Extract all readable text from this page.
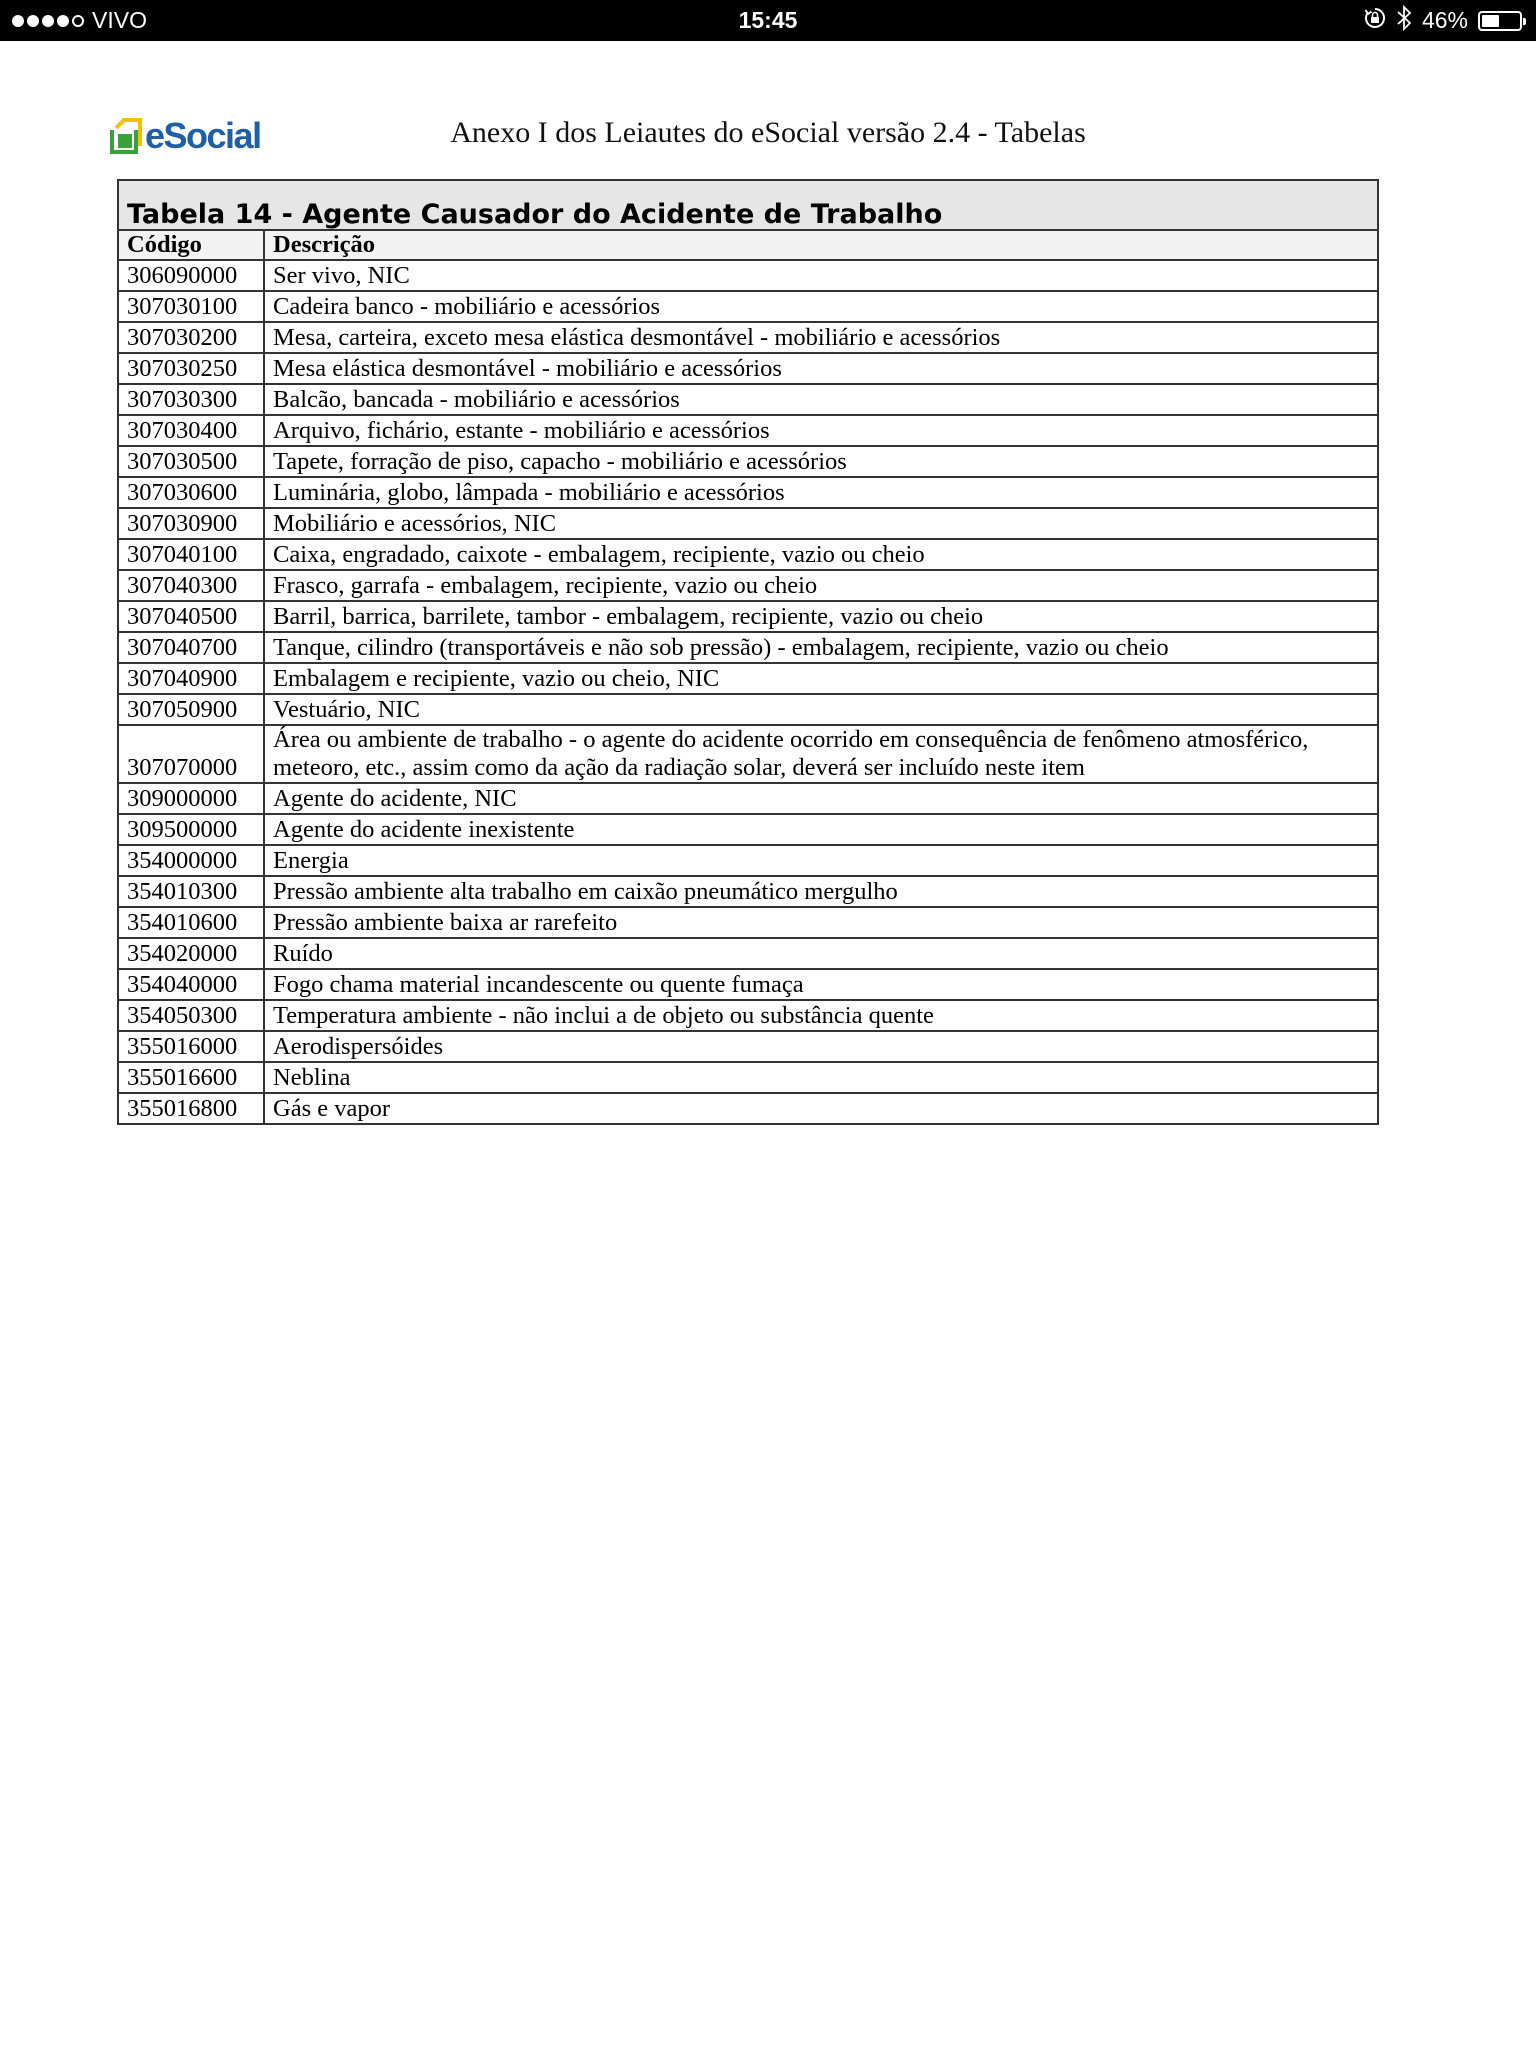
VIVO	15:45	46%
eSocial	Anexo I dos Leiautes do eSocial versão 2.4 - Tabelas
Tabela 14 - Agente Causador do Acidente de Trabalho	
Código	Descrição
306090000	Ser vivo, NIC
307030100	Cadeira banco - mobiliário e acessórios
307030200	Mesa, carteira, exceto mesa elástica desmontável - mobiliário e acessórios
307030250	Mesa elástica desmontável - mobiliário e acessórios
307030300	Balcão, bancada - mobiliário e acessórios
307030400	Arquivo, fichário, estante - mobiliário e acessórios
307030500	Tapete, forração de piso, capacho - mobiliário e acessórios
307030600	Luminária, globo, lâmpada - mobiliário e acessórios
307030900	Mobiliário e acessórios, NIC
307040100	Caixa, engradado, caixote - embalagem, recipiente, vazio ou cheio
307040300	Frasco, garrafa - embalagem, recipiente, vazio ou cheio
307040500	Barril, barrica, barrilete, tambor - embalagem, recipiente, vazio ou cheio
307040700	Tanque, cilindro (transportáveis e não sob pressão) - embalagem, recipiente, vazio ou cheio
307040900	Embalagem e recipiente, vazio ou cheio, NIC
307050900	Vestuário, NIC
307070000	Área ou ambiente de trabalho - o agente do acidente ocorrido em consequência de fenômeno atmosférico, meteoro, etc., assim como da ação da radiação solar, deverá ser incluído neste item
309000000	Agente do acidente, NIC
309500000	Agente do acidente inexistente
354000000	Energia
354010300	Pressão ambiente alta trabalho em caixão pneumático mergulho
354010600	Pressão ambiente baixa ar rarefeito
354020000	Ruído
354040000	Fogo chama material incandescente ou quente fumaça
354050300	Temperatura ambiente - não inclui a de objeto ou substância quente
355016000	Aerodispersóides
355016600	Neblina
355016800	Gás e vapor
